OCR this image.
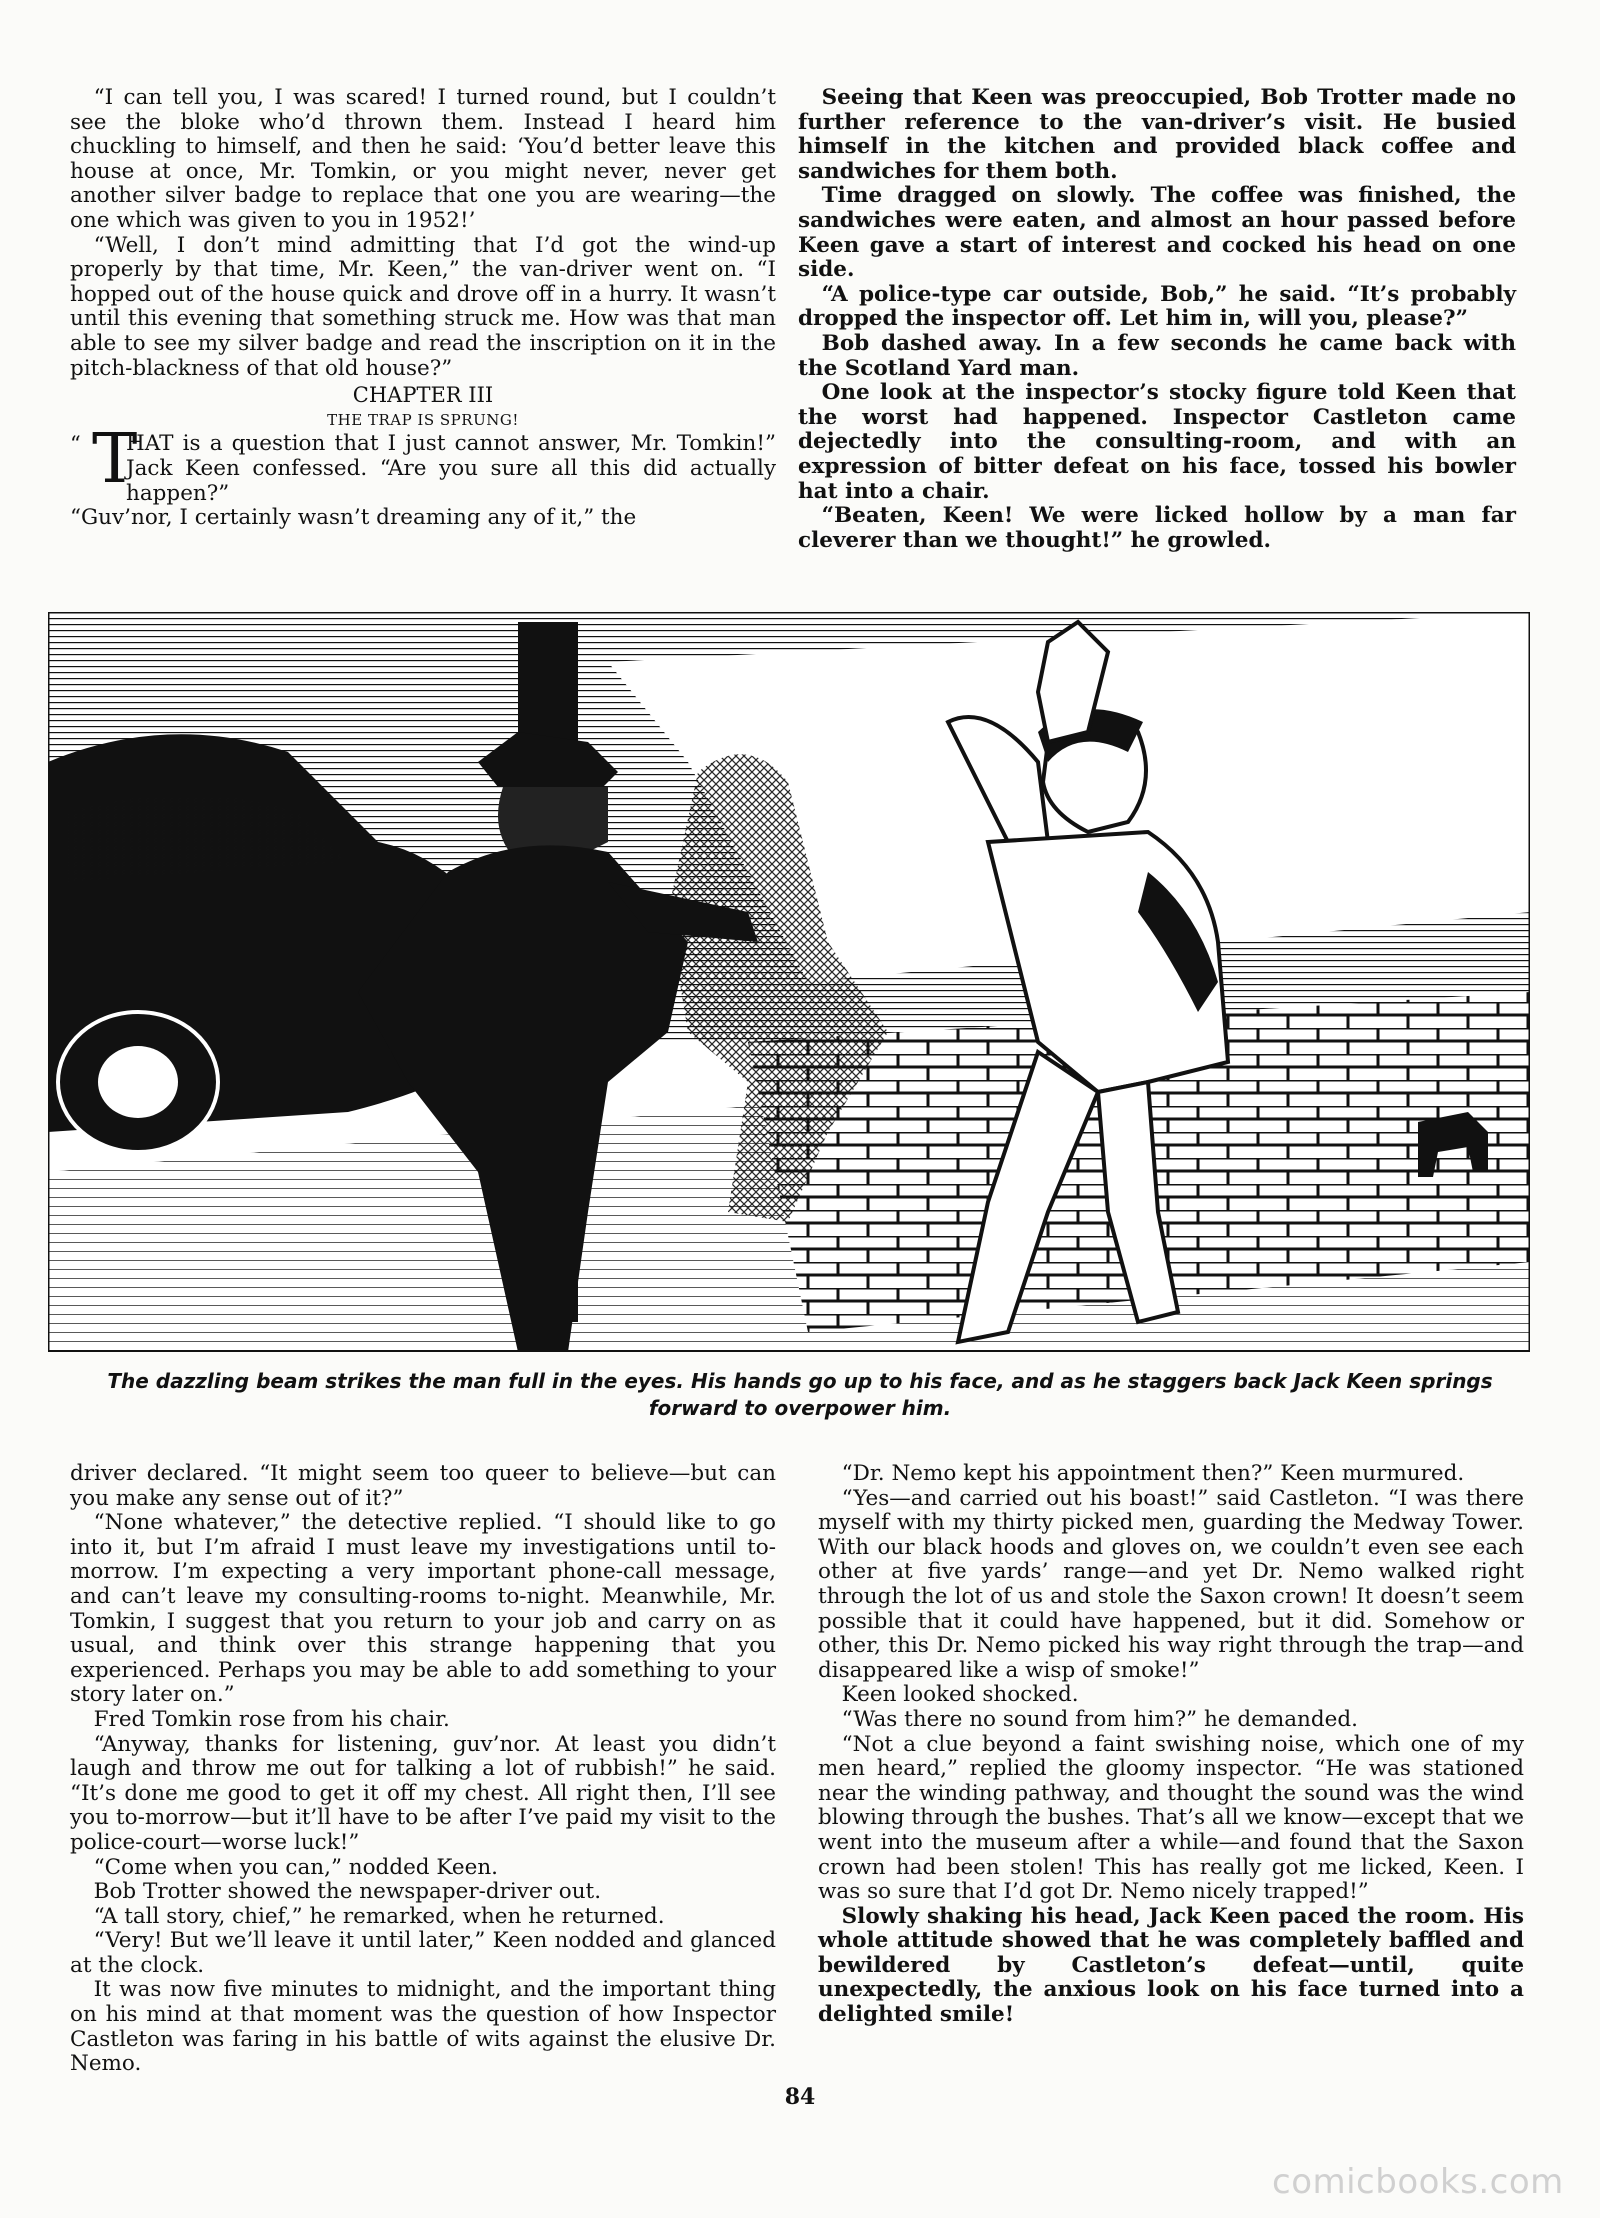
“I can tell you, I was scared! I turned round, but I couldn’t see the bloke who’d thrown them. Instead I heard him chuckling to himself, and then he said: ‘You’d better leave this house at once, Mr. Tomkin, or you might never, never get another silver badge to replace that one you are wearing—the one which was given to you in 1952!’

“Well, I don’t mind admitting that I’d got the wind-up properly by that time, Mr. Keen,” the van-driver went on. “I hopped out of the house quick and drove off in a hurry. It wasn’t until this evening that something struck me. How was that man able to see my silver badge and read the inscription on it in the pitch-blackness of that old house?”

CHAPTER III

THE TRAP IS SPRUNG!

“ T
HAT is a question that I just cannot answer, Mr. Tomkin!” Jack Keen confessed. “Are you sure all this did actually happen?”

“Guv’nor, I certainly wasn’t dreaming any of it,” the

Seeing that Keen was preoccupied, Bob Trotter made no further reference to the van-driver’s visit. He busied himself in the kitchen and provided black coffee and sandwiches for them both.

Time dragged on slowly. The coffee was finished, the sandwiches were eaten, and almost an hour passed before Keen gave a start of interest and cocked his head on one side.

“A police-type car outside, Bob,” he said. “It’s probably dropped the inspector off. Let him in, will you, please?”

Bob dashed away. In a few seconds he came back with the Scotland Yard man.

One look at the inspector’s stocky figure told Keen that the worst had happened. Inspector Castleton came dejectedly into the consulting-room, and with an expression of bitter defeat on his face, tossed his bowler hat into a chair.

“Beaten, Keen! We were licked hollow by a man far cleverer than we thought!” he growled.

The dazzling beam strikes the man full in the eyes. His hands go up to his face, and as he staggers back Jack Keen springs forward to overpower him.

driver declared. “It might seem too queer to believe—but can you make any sense out of it?”

“None whatever,” the detective replied. “I should like to go into it, but I’m afraid I must leave my investigations until to-morrow. I’m expecting a very important phone-call message, and can’t leave my consulting-rooms to-night. Meanwhile, Mr. Tomkin, I suggest that you return to your job and carry on as usual, and think over this strange happening that you experienced. Perhaps you may be able to add something to your story later on.”

Fred Tomkin rose from his chair.

“Anyway, thanks for listening, guv’nor. At least you didn’t laugh and throw me out for talking a lot of rubbish!” he said. “It’s done me good to get it off my chest. All right then, I’ll see you to-morrow—but it’ll have to be after I’ve paid my visit to the police-court—worse luck!”

“Come when you can,” nodded Keen.

Bob Trotter showed the newspaper-driver out.

“A tall story, chief,” he remarked, when he returned.

“Very! But we’ll leave it until later,” Keen nodded and glanced at the clock.

It was now five minutes to midnight, and the important thing on his mind at that moment was the question of how Inspector Castleton was faring in his battle of wits against the elusive Dr. Nemo.

“Dr. Nemo kept his appointment then?” Keen murmured.

“Yes—and carried out his boast!” said Castleton. “I was there myself with my thirty picked men, guarding the Medway Tower. With our black hoods and gloves on, we couldn’t even see each other at five yards’ range—and yet Dr. Nemo walked right through the lot of us and stole the Saxon crown! It doesn’t seem possible that it could have happened, but it did. Somehow or other, this Dr. Nemo picked his way right through the trap—and disappeared like a wisp of smoke!”

Keen looked shocked.

“Was there no sound from him?” he demanded.

“Not a clue beyond a faint swishing noise, which one of my men heard,” replied the gloomy inspector. “He was stationed near the winding pathway, and thought the sound was the wind blowing through the bushes. That’s all we know—except that we went into the museum after a while—and found that the Saxon crown had been stolen! This has really got me licked, Keen. I was so sure that I’d got Dr. Nemo nicely trapped!”

Slowly shaking his head, Jack Keen paced the room. His whole attitude showed that he was completely baffled and bewildered by Castleton’s defeat—until, quite unexpectedly, the anxious look on his face turned into a delighted smile!

84
comicbooks.com
